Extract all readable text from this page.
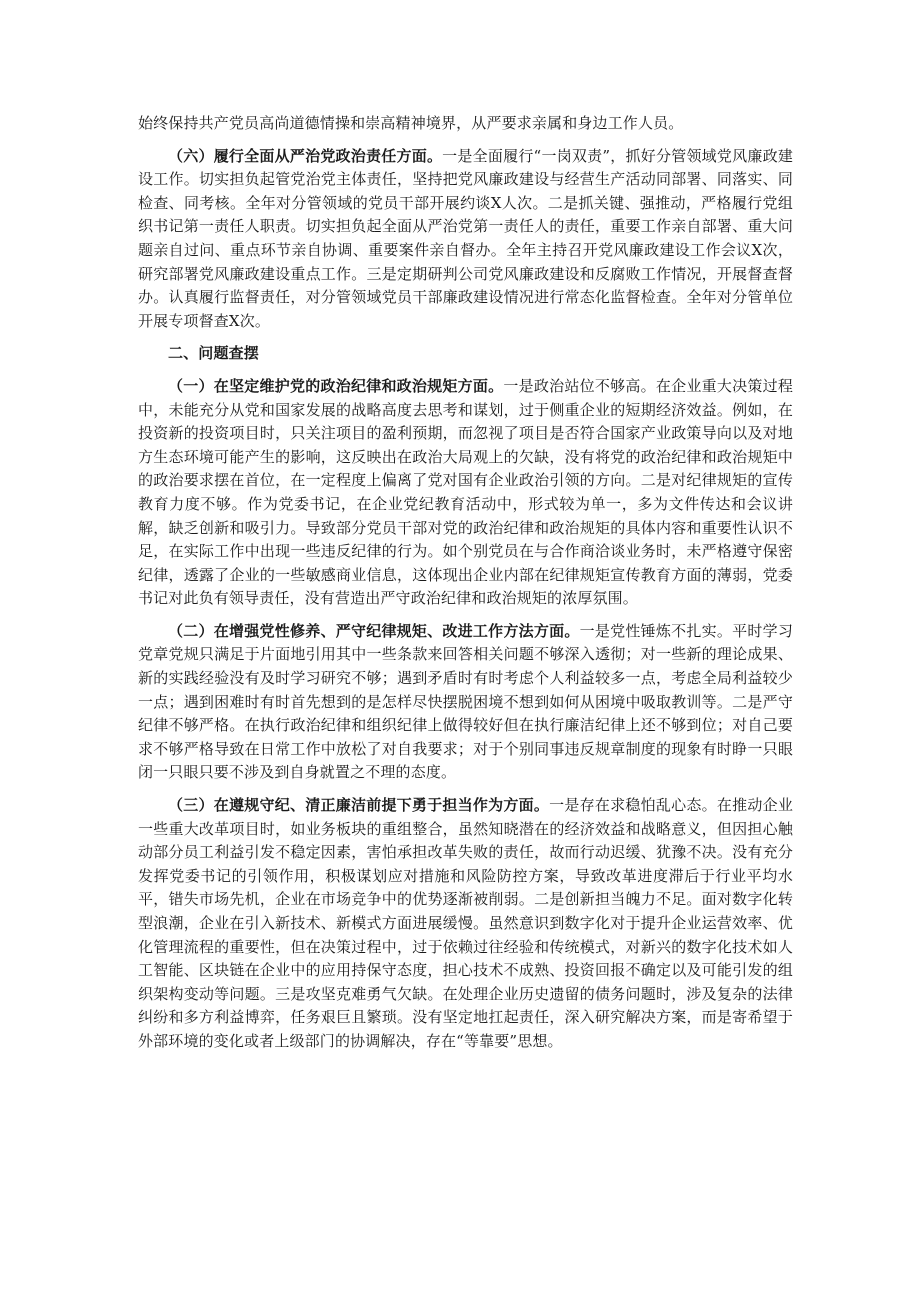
始终保持共产党员高尚道德情操和崇高精神境界，从严要求亲属和身边工作人员。

（六）履行全面从严治党政治责任方面。一是全面履行“一岗双责”，抓好分管领域党风廉政建设工作。切实担负起管党治党主体责任，坚持把党风廉政建设与经营生产活动同部署、同落实、同检查、同考核。全年对分管领域的党员干部开展约谈X人次。二是抓关键、强推动，严格履行党组织书记第一责任人职责。切实担负起全面从严治党第一责任人的责任，重要工作亲自部署、重大问题亲自过问、重点环节亲自协调、重要案件亲自督办。全年主持召开党风廉政建设工作会议X次，研究部署党风廉政建设重点工作。三是定期研判公司党风廉政建设和反腐败工作情况，开展督查督办。认真履行监督责任，对分管领域党员干部廉政建设情况进行常态化监督检查。全年对分管单位开展专项督查X次。

二、问题查摆

（一）在坚定维护党的政治纪律和政治规矩方面。一是政治站位不够高。在企业重大决策过程中，未能充分从党和国家发展的战略高度去思考和谋划，过于侧重企业的短期经济效益。例如，在投资新的投资项目时，只关注项目的盈利预期，而忽视了项目是否符合国家产业政策导向以及对地方生态环境可能产生的影响，这反映出在政治大局观上的欠缺，没有将党的政治纪律和政治规矩中的政治要求摆在首位，在一定程度上偏离了党对国有企业政治引领的方向。二是对纪律规矩的宣传教育力度不够。作为党委书记，在企业党纪教育活动中，形式较为单一，多为文件传达和会议讲解，缺乏创新和吸引力。导致部分党员干部对党的政治纪律和政治规矩的具体内容和重要性认识不足，在实际工作中出现一些违反纪律的行为。如个别党员在与合作商洽谈业务时，未严格遵守保密纪律，透露了企业的一些敏感商业信息，这体现出企业内部在纪律规矩宣传教育方面的薄弱，党委书记对此负有领导责任，没有营造出严守政治纪律和政治规矩的浓厚氛围。

（二）在增强党性修养、严守纪律规矩、改进工作方法方面。一是党性锤炼不扎实。平时学习党章党规只满足于片面地引用其中一些条款来回答相关问题不够深入透彻；对一些新的理论成果、新的实践经验没有及时学习研究不够；遇到矛盾时有时考虑个人利益较多一点，考虑全局利益较少一点；遇到困难时有时首先想到的是怎样尽快摆脱困境不想到如何从困境中吸取教训等。二是严守纪律不够严格。在执行政治纪律和组织纪律上做得较好但在执行廉洁纪律上还不够到位；对自己要求不够严格导致在日常工作中放松了对自我要求；对于个别同事违反规章制度的现象有时睁一只眼闭一只眼只要不涉及到自身就置之不理的态度。

（三）在遵规守纪、清正廉洁前提下勇于担当作为方面。一是存在求稳怕乱心态。在推动企业一些重大改革项目时，如业务板块的重组整合，虽然知晓潜在的经济效益和战略意义，但因担心触动部分员工利益引发不稳定因素，害怕承担改革失败的责任，故而行动迟缓、犹豫不决。没有充分发挥党委书记的引领作用，积极谋划应对措施和风险防控方案，导致改革进度滞后于行业平均水平，错失市场先机，企业在市场竞争中的优势逐渐被削弱。二是创新担当魄力不足。面对数字化转型浪潮，企业在引入新技术、新模式方面进展缓慢。虽然意识到数字化对于提升企业运营效率、优化管理流程的重要性，但在决策过程中，过于依赖过往经验和传统模式，对新兴的数字化技术如人工智能、区块链在企业中的应用持保守态度，担心技术不成熟、投资回报不确定以及可能引发的组织架构变动等问题。三是攻坚克难勇气欠缺。在处理企业历史遗留的债务问题时，涉及复杂的法律纠纷和多方利益博弈，任务艰巨且繁琐。没有坚定地扛起责任，深入研究解决方案，而是寄希望于外部环境的变化或者上级部门的协调解决，存在“等靠要”思想。
